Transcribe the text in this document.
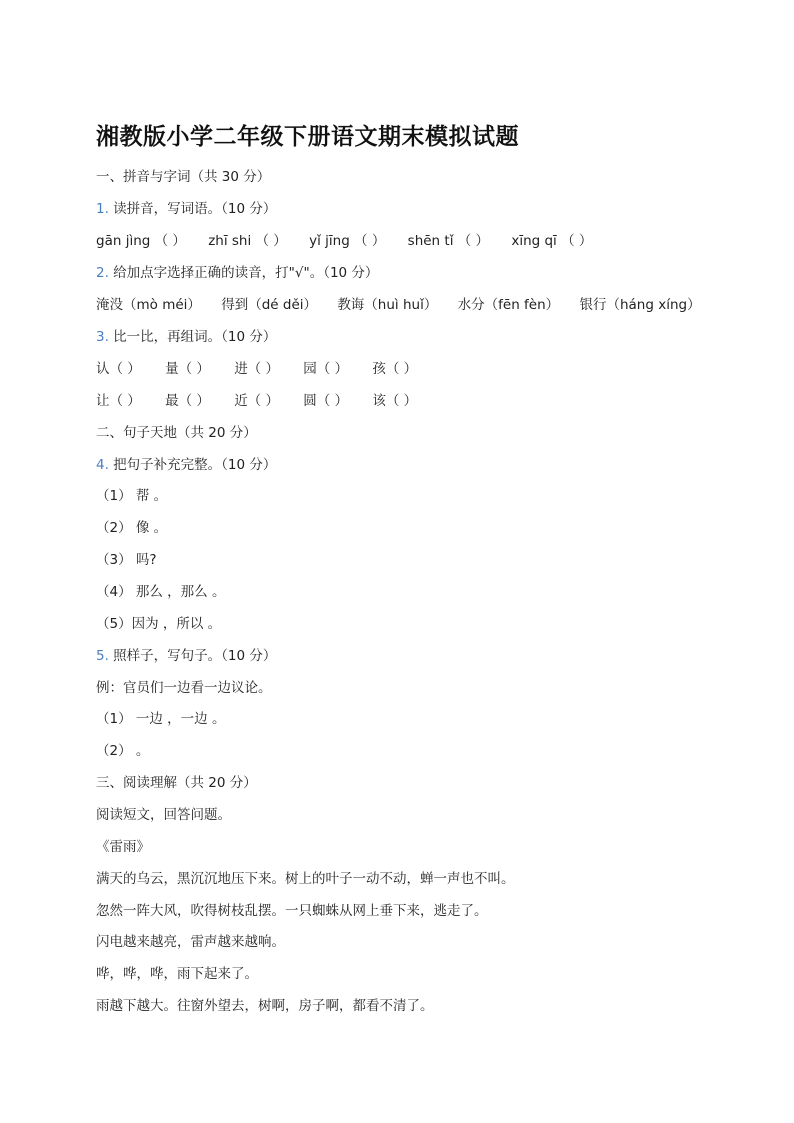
湘教版小学二年级下册语文期末模拟试题
一、拼音与字词（共 30 分）
1. 读拼音，写词语。（10 分）
gān jìng （ ） zhī shi （ ） yǐ jīng （ ） shēn tǐ （ ） xīng qī （ ）
2. 给加点字选择正确的读音，打"√"。（10 分）
淹没（mò méi） 得到（dé děi） 教诲（huì huǐ） 水分（fēn fèn） 银行（háng xíng）
3. 比一比，再组词。（10 分）
认（ ） 量（ ） 进（ ） 园（ ） 孩（ ）
让（ ） 最（ ） 近（ ） 圆（ ） 该（ ）
二、句子天地（共 20 分）
4. 把句子补充完整。（10 分）
（1） 帮 。
（2） 像 。
（3） 吗?
（4） 那么 ，那么 。
（5）因为 ，所以 。
5. 照样子，写句子。（10 分）
例：官员们一边看一边议论。
（1） 一边 ，一边 。
（2） 。
三、阅读理解（共 20 分）
阅读短文，回答问题。
《雷雨》
满天的乌云，黑沉沉地压下来。树上的叶子一动不动，蝉一声也不叫。
忽然一阵大风，吹得树枝乱摆。一只蜘蛛从网上垂下来，逃走了。
闪电越来越亮，雷声越来越响。
哗，哗，哗，雨下起来了。
雨越下越大。往窗外望去，树啊，房子啊，都看不清了。
